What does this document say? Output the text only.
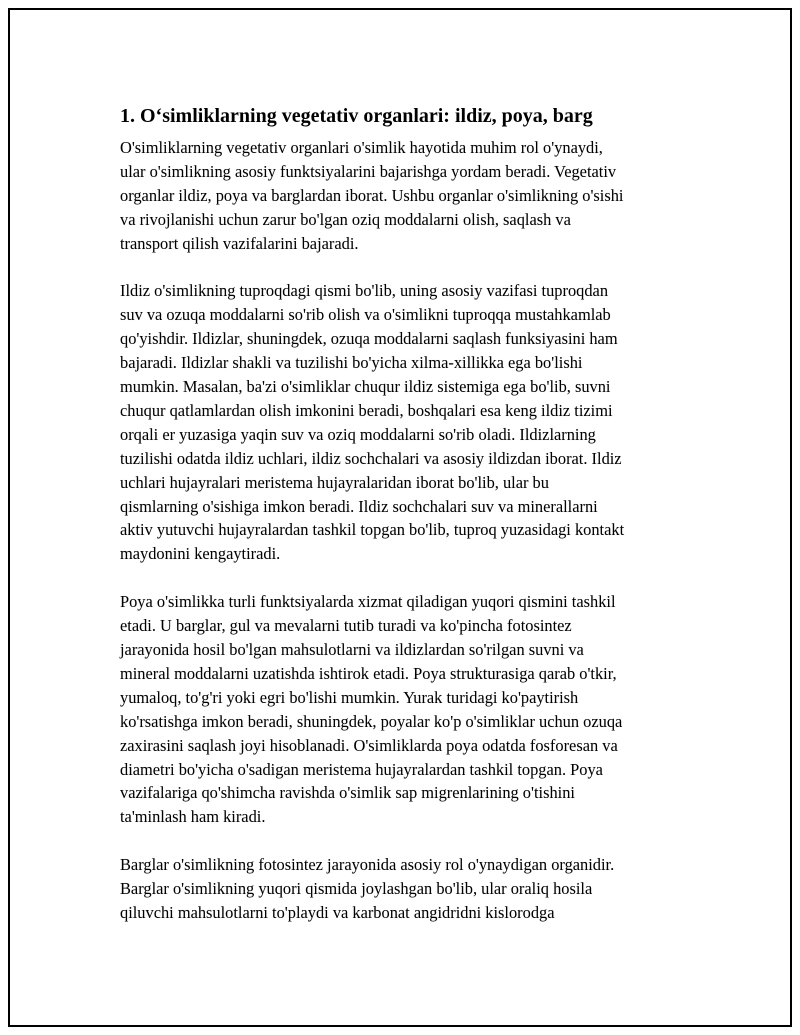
1. O‘simliklarning vegetativ organlari: ildiz, poya, barg

O'simliklarning vegetativ organlari o'simlik hayotida muhim rol o'ynaydi,
ular o'simlikning asosiy funktsiyalarini bajarishga yordam beradi. Vegetativ
organlar ildiz, poya va barglardan iborat. Ushbu organlar o'simlikning o'sishi
va rivojlanishi uchun zarur bo'lgan oziq moddalarni olish, saqlash va
transport qilish vazifalarini bajaradi.

Ildiz o'simlikning tuproqdagi qismi bo'lib, uning asosiy vazifasi tuproqdan
suv va ozuqa moddalarni so'rib olish va o'simlikni tuproqqa mustahkamlab
qo'yishdir. Ildizlar, shuningdek, ozuqa moddalarni saqlash funksiyasini ham
bajaradi. Ildizlar shakli va tuzilishi bo'yicha xilma-xillikka ega bo'lishi
mumkin. Masalan, ba'zi o'simliklar chuqur ildiz sistemiga ega bo'lib, suvni
chuqur qatlamlardan olish imkonini beradi, boshqalari esa keng ildiz tizimi
orqali er yuzasiga yaqin suv va oziq moddalarni so'rib oladi. Ildizlarning
tuzilishi odatda ildiz uchlari, ildiz sochchalari va asosiy ildizdan iborat. Ildiz
uchlari hujayralari meristema hujayralaridan iborat bo'lib, ular bu
qismlarning o'sishiga imkon beradi. Ildiz sochchalari suv va minerallarni
aktiv yutuvchi hujayralardan tashkil topgan bo'lib, tuproq yuzasidagi kontakt
maydonini kengaytiradi.

Poya o'simlikka turli funktsiyalarda xizmat qiladigan yuqori qismini tashkil
etadi. U barglar, gul va mevalarni tutib turadi va ko'pincha fotosintez
jarayonida hosil bo'lgan mahsulotlarni va ildizlardan so'rilgan suvni va
mineral moddalarni uzatishda ishtirok etadi. Poya strukturasiga qarab o'tkir,
yumaloq, to'g'ri yoki egri bo'lishi mumkin. Yurak turidagi ko'paytirish
ko'rsatishga imkon beradi, shuningdek, poyalar ko'p o'simliklar uchun ozuqa
zaxirasini saqlash joyi hisoblanadi. O'simliklarda poya odatda fosforesan va
diametri bo'yicha o'sadigan meristema hujayralardan tashkil topgan. Poya
vazifalariga qo'shimcha ravishda o'simlik sap migrenlarining o'tishini
ta'minlash ham kiradi.

Barglar o'simlikning fotosintez jarayonida asosiy rol o'ynaydigan organidir.
Barglar o'simlikning yuqori qismida joylashgan bo'lib, ular oraliq hosila
qiluvchi mahsulotlarni to'playdi va karbonat angidridni kislorodga
